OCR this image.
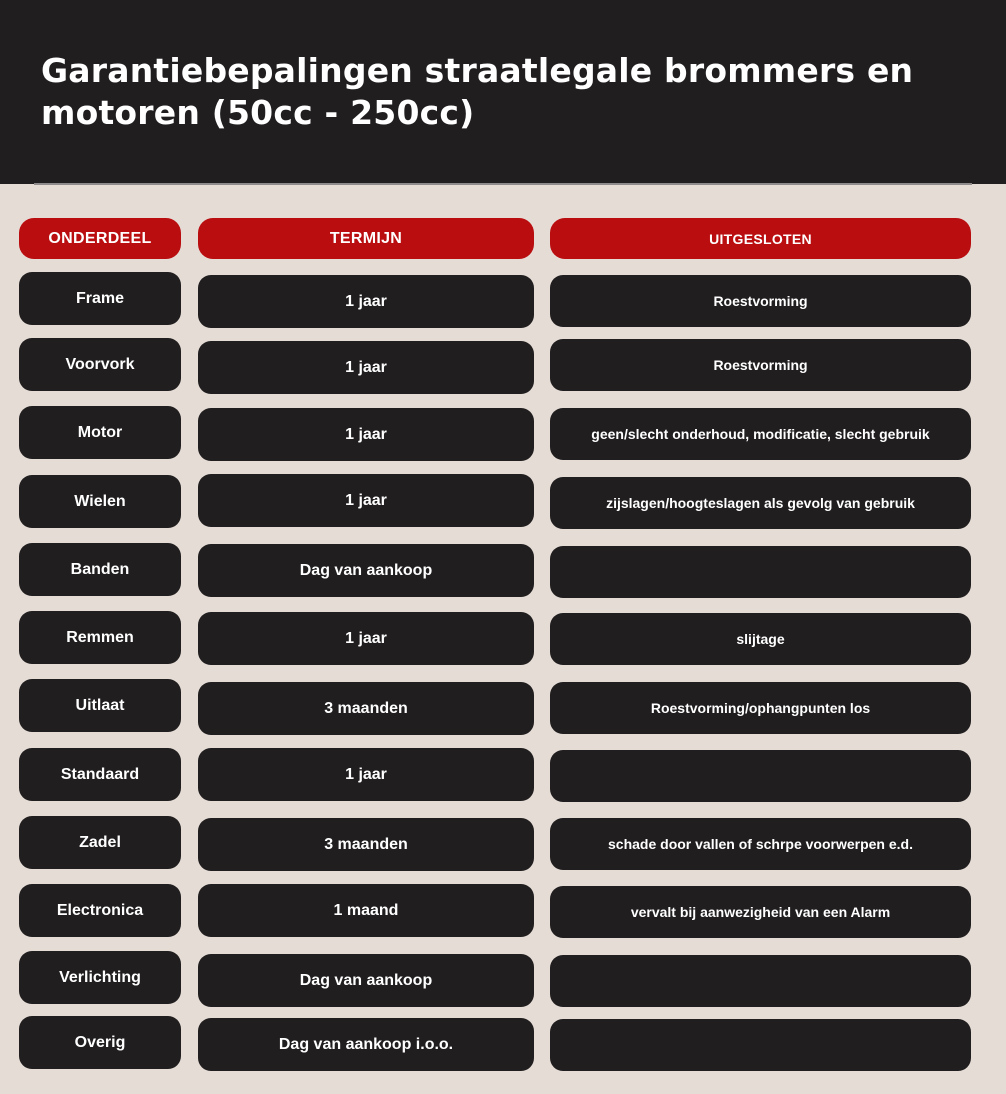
Garantiebepalingen straatlegale brommers en motoren (50cc - 250cc)
ONDERDEEL	TERMIJN	UITGESLOTEN
Frame	1 jaar	Roestvorming
Voorvork	1 jaar	Roestvorming
Motor	1 jaar	geen/slecht onderhoud, modificatie, slecht gebruik
Wielen	1 jaar	zijslagen/hoogteslagen als gevolg van gebruik
Banden	Dag van aankoop
Remmen	1 jaar	slijtage
Uitlaat	3 maanden	Roestvorming/ophangpunten los
Standaard	1 jaar
Zadel	3 maanden	schade door vallen of schrpe voorwerpen e.d.
Electronica	1 maand	vervalt bij aanwezigheid van een Alarm
Verlichting	Dag van aankoop
Overig	Dag van aankoop i.o.o.
